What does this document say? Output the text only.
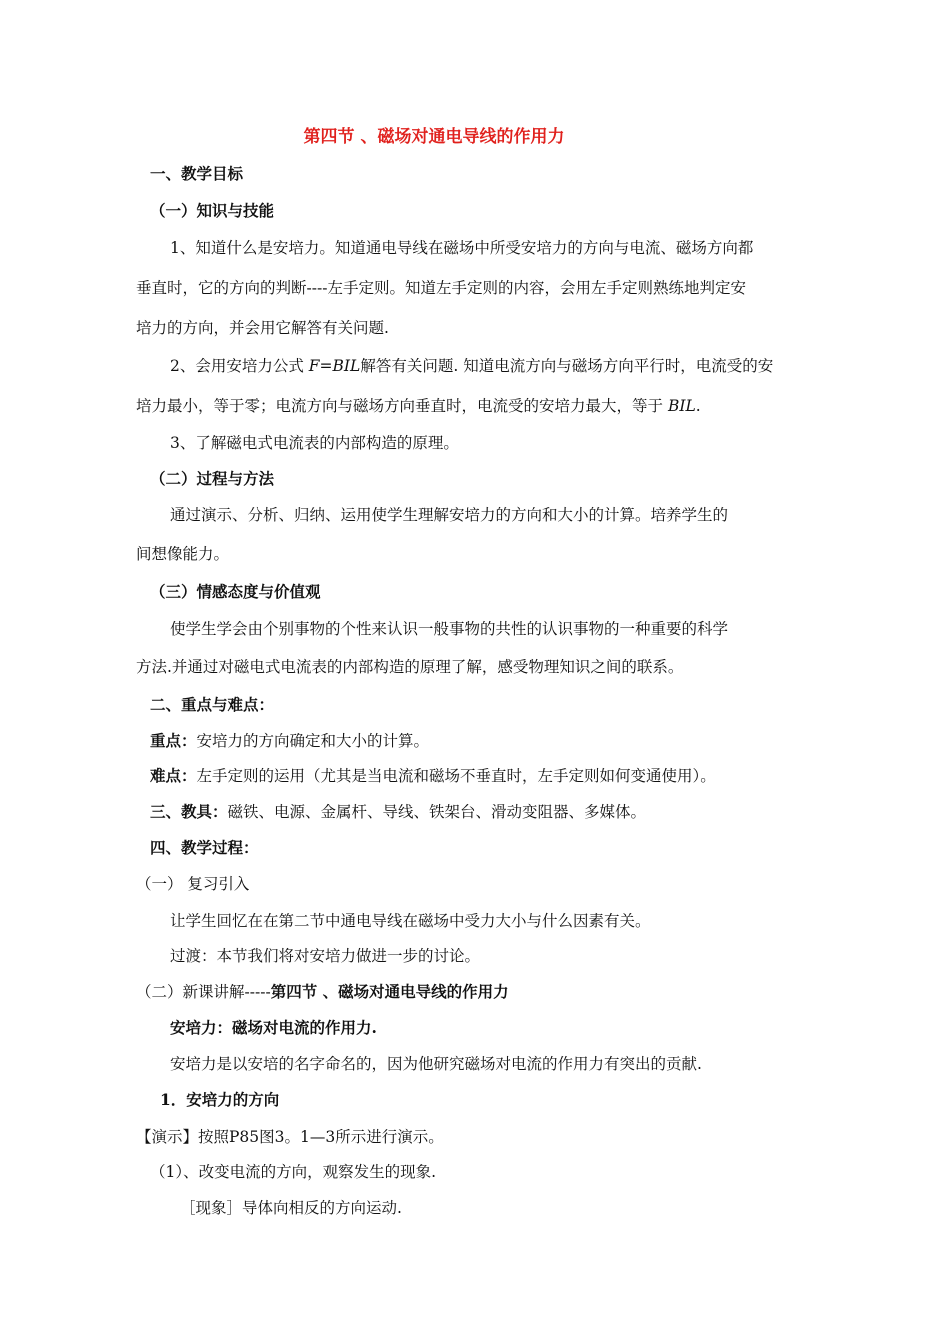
第四节 、磁场对通电导线的作用力
一、教学目标
（一）知识与技能
1、知道什么是安培力。知道通电导线在磁场中所受安培力的方向与电流、磁场方向都
垂直时，它的方向的判断----左手定则。知道左手定则的内容，会用左手定则熟练地判定安
培力的方向，并会用它解答有关问题.
2、会用安培力公式 F=BIL解答有关问题. 知道电流方向与磁场方向平行时，电流受的安
培力最小，等于零；电流方向与磁场方向垂直时，电流受的安培力最大，等于 BIL.
3、了解磁电式电流表的内部构造的原理。
（二）过程与方法
通过演示、分析、归纳、运用使学生理解安培力的方向和大小的计算。培养学生的
间想像能力。
（三）情感态度与价值观
使学生学会由个别事物的个性来认识一般事物的共性的认识事物的一种重要的科学
方法.并通过对磁电式电流表的内部构造的原理了解，感受物理知识之间的联系。
二、重点与难点：
重点：安培力的方向确定和大小的计算。
难点：左手定则的运用（尤其是当电流和磁场不垂直时，左手定则如何变通使用）。
三、教具：磁铁、电源、金属杆、导线、铁架台、滑动变阻器、多媒体。
四、教学过程：
（一） 复习引入
让学生回忆在在第二节中通电导线在磁场中受力大小与什么因素有关。
过渡：本节我们将对安培力做进一步的讨论。
（二）新课讲解-----第四节 、磁场对通电导线的作用力
安培力：磁场对电流的作用力.
安培力是以安培的名字命名的，因为他研究磁场对电流的作用力有突出的贡献.
1．安培力的方向
【演示】按照P85图3。1—3所示进行演示。
（1）、改变电流的方向，观察发生的现象.
［现象］导体向相反的方向运动.
